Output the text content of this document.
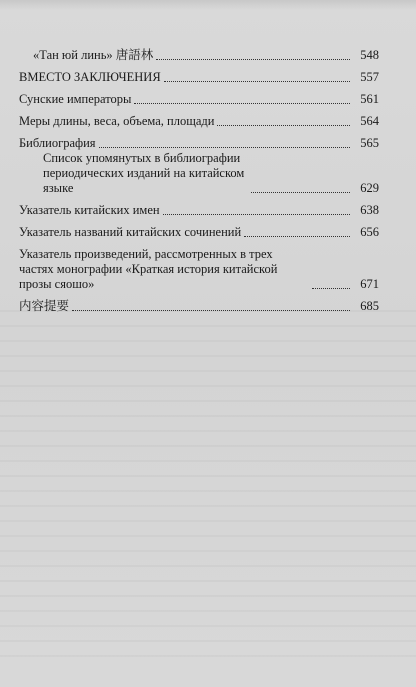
«Тан юй линь» 唐語林	548
ВМЕСТО ЗАКЛЮЧЕНИЯ	557
Сунские императоры	561
Меры длины, веса, объема, площади	564
Библиография	565
Список упомянутых в библиографии периодических изданий на китайском языке	629
Указатель китайских имен	638
Указатель названий китайских сочинений	656
Указатель произведений, рассмотренных в трех частях монографии «Краткая история китайской прозы сяошо»	671
内容提要	685
